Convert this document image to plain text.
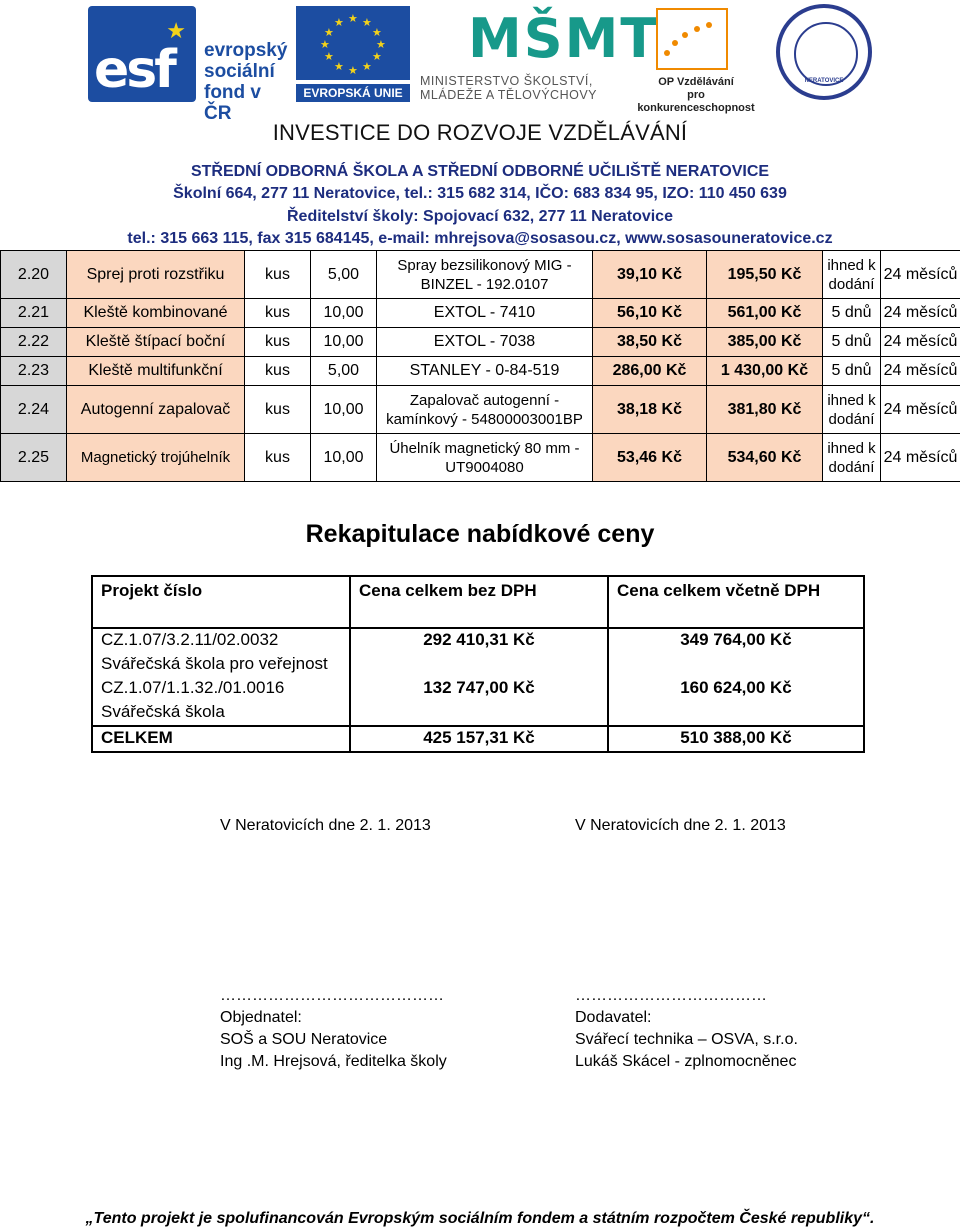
★
esf evropský
sociální
fond v ČR
★ ★
★
★
★
★
★
★
★
★
★
★
EVROPSKÁ UNIE
MŠMT
MINISTERSTVO ŠKOLSTVÍ,
MLÁDEŽE A TĚLOVÝCHOVY
OP Vzdělávání
pro konkurenceschopnost
NERATOVICE
INVESTICE DO ROZVOJE VZDĚLÁVÁNÍ
STŘEDNÍ ODBORNÁ ŠKOLA A STŘEDNÍ ODBORNÉ UČILIŠTĚ NERATOVICE
Školní 664, 277 11 Neratovice, tel.: 315 682 314, IČO: 683 834 95, IZO: 110 450 639
Ředitelství školy: Spojovací 632, 277 11 Neratovice
tel.: 315 663 115, fax 315 684145, e-mail: mhrejsova@sosasou.cz, www.sosasouneratovice.cz
2.20	Sprej proti rozstřiku	kus	5,00	Spray bezsilikonový MIG - BINZEL - 192.0107	39,10 Kč	195,50 Kč	ihned k dodání	24 měsíců
2.21	Kleště kombinované	kus	10,00	EXTOL - 7410	56,10 Kč	561,00 Kč	5 dnů	24 měsíců
2.22	Kleště štípací boční	kus	10,00	EXTOL - 7038	38,50 Kč	385,00 Kč	5 dnů	24 měsíců
2.23	Kleště multifunkční	kus	5,00	STANLEY - 0-84-519	286,00 Kč	1 430,00 Kč	5 dnů	24 měsíců
2.24	Autogenní zapalovač	kus	10,00	Zapalovač autogenní - kamínkový - 54800003001BP	38,18 Kč	381,80 Kč	ihned k dodání	24 měsíců
2.25	Magnetický trojúhelník	kus	10,00	Úhelník magnetický 80 mm - UT9004080	53,46 Kč	534,60 Kč	ihned k dodání	24 měsíců
Rekapitulace nabídkové ceny
Projekt číslo	Cena celkem bez DPH	Cena celkem včetně DPH
CZ.1.07/3.2.11/02.0032	292 410,31 Kč	349 764,00 Kč
Svářečská škola pro veřejnost		
CZ.1.07/1.1.32./01.0016	132 747,00 Kč	160 624,00 Kč
Svářečská škola		
CELKEM	425 157,31 Kč	510 388,00 Kč
V Neratovicích dne 2. 1. 2013	V Neratovicích dne 2. 1. 2013
……………………………………
Objednatel:
SOŠ a SOU Neratovice
Ing .M. Hrejsová, ředitelka školy
………………………………
Dodavatel:
Svářecí technika – OSVA, s.r.o.
Lukáš Skácel - zplnomocněnec
„Tento projekt je spolufinancován Evropským sociálním fondem a státním rozpočtem České republiky“.
